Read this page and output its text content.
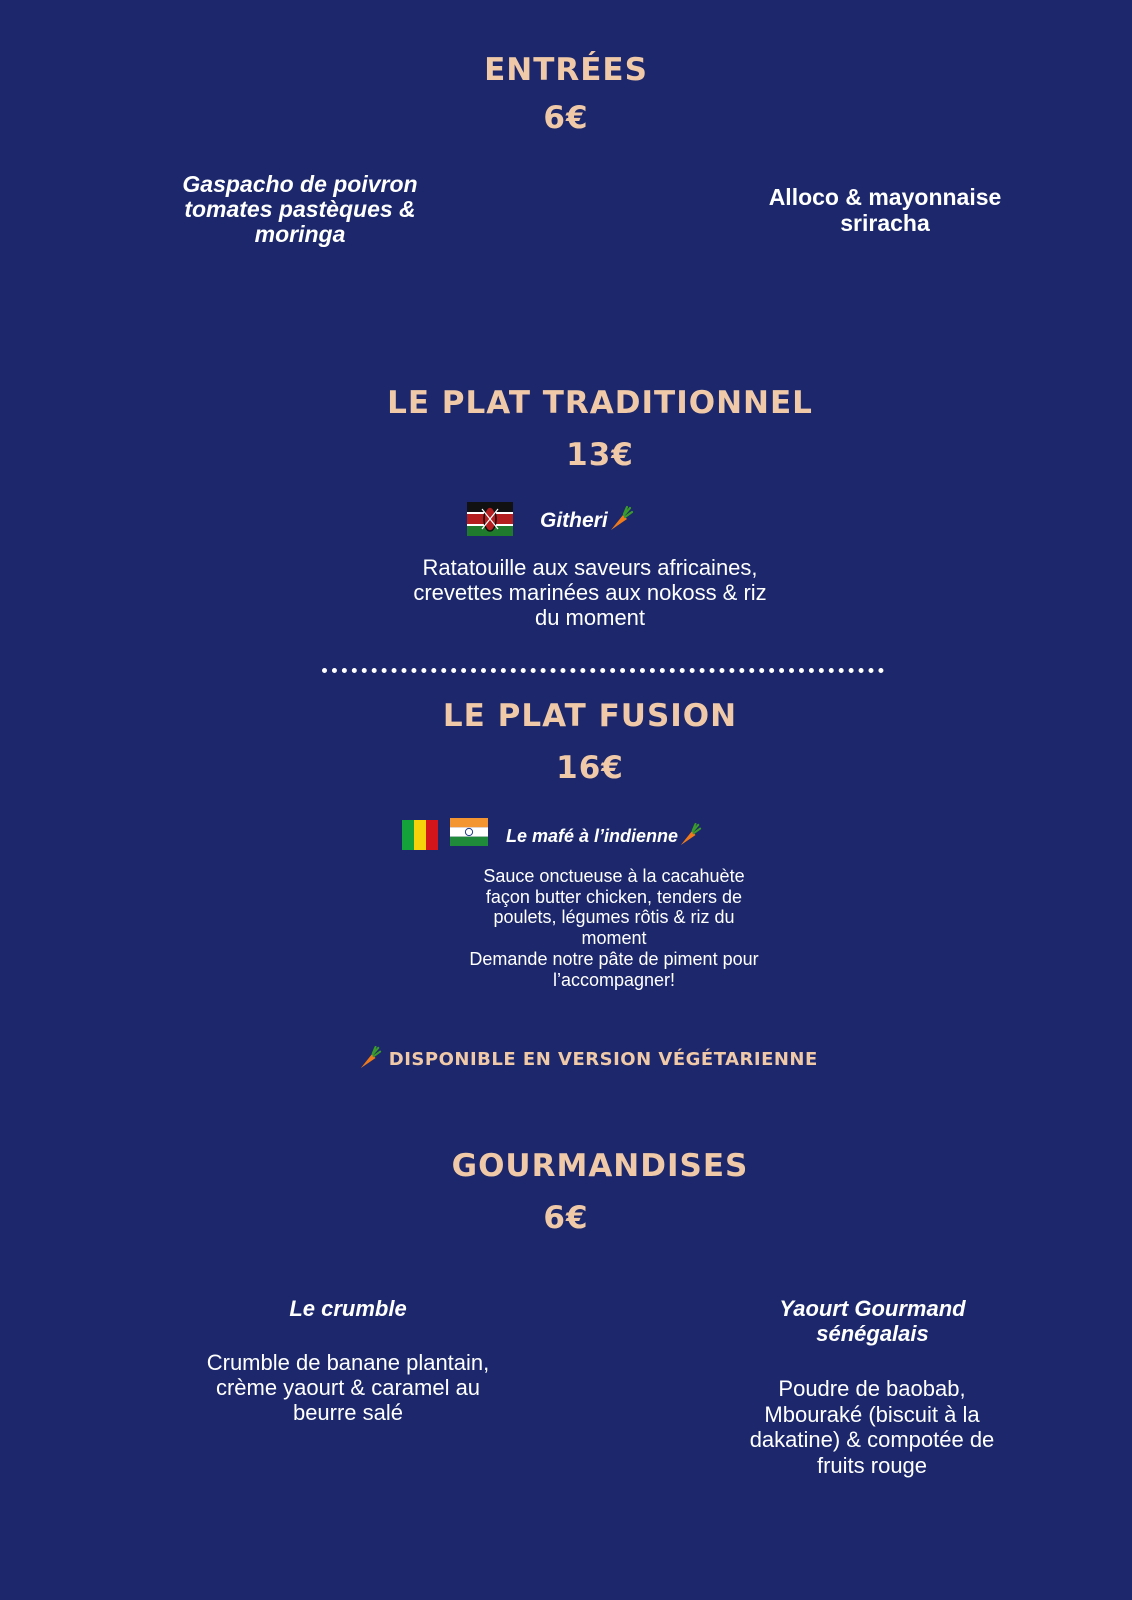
ENTRÉES
6€
Gaspacho de poivron tomates pastèques & moringa
Alloco & mayonnaise sriracha
LE PLAT TRADITIONNEL
13€
Githeri
Ratatouille aux saveurs africaines, crevettes marinées aux nokoss & riz du moment
LE PLAT FUSION
16€
Le mafé à l’indienne
Sauce onctueuse à la cacahuète façon butter chicken, tenders de poulets, légumes rôtis & riz du moment
Demande notre pâte de piment pour l’accompagner!
DISPONIBLE EN VERSION VÉGÉTARIENNE
GOURMANDISES
6€
Le crumble
Crumble de banane plantain, crème yaourt & caramel au beurre salé
Yaourt Gourmand sénégalais
Poudre de baobab, Mbouraké (biscuit à la dakatine) & compotée de fruits rouge
